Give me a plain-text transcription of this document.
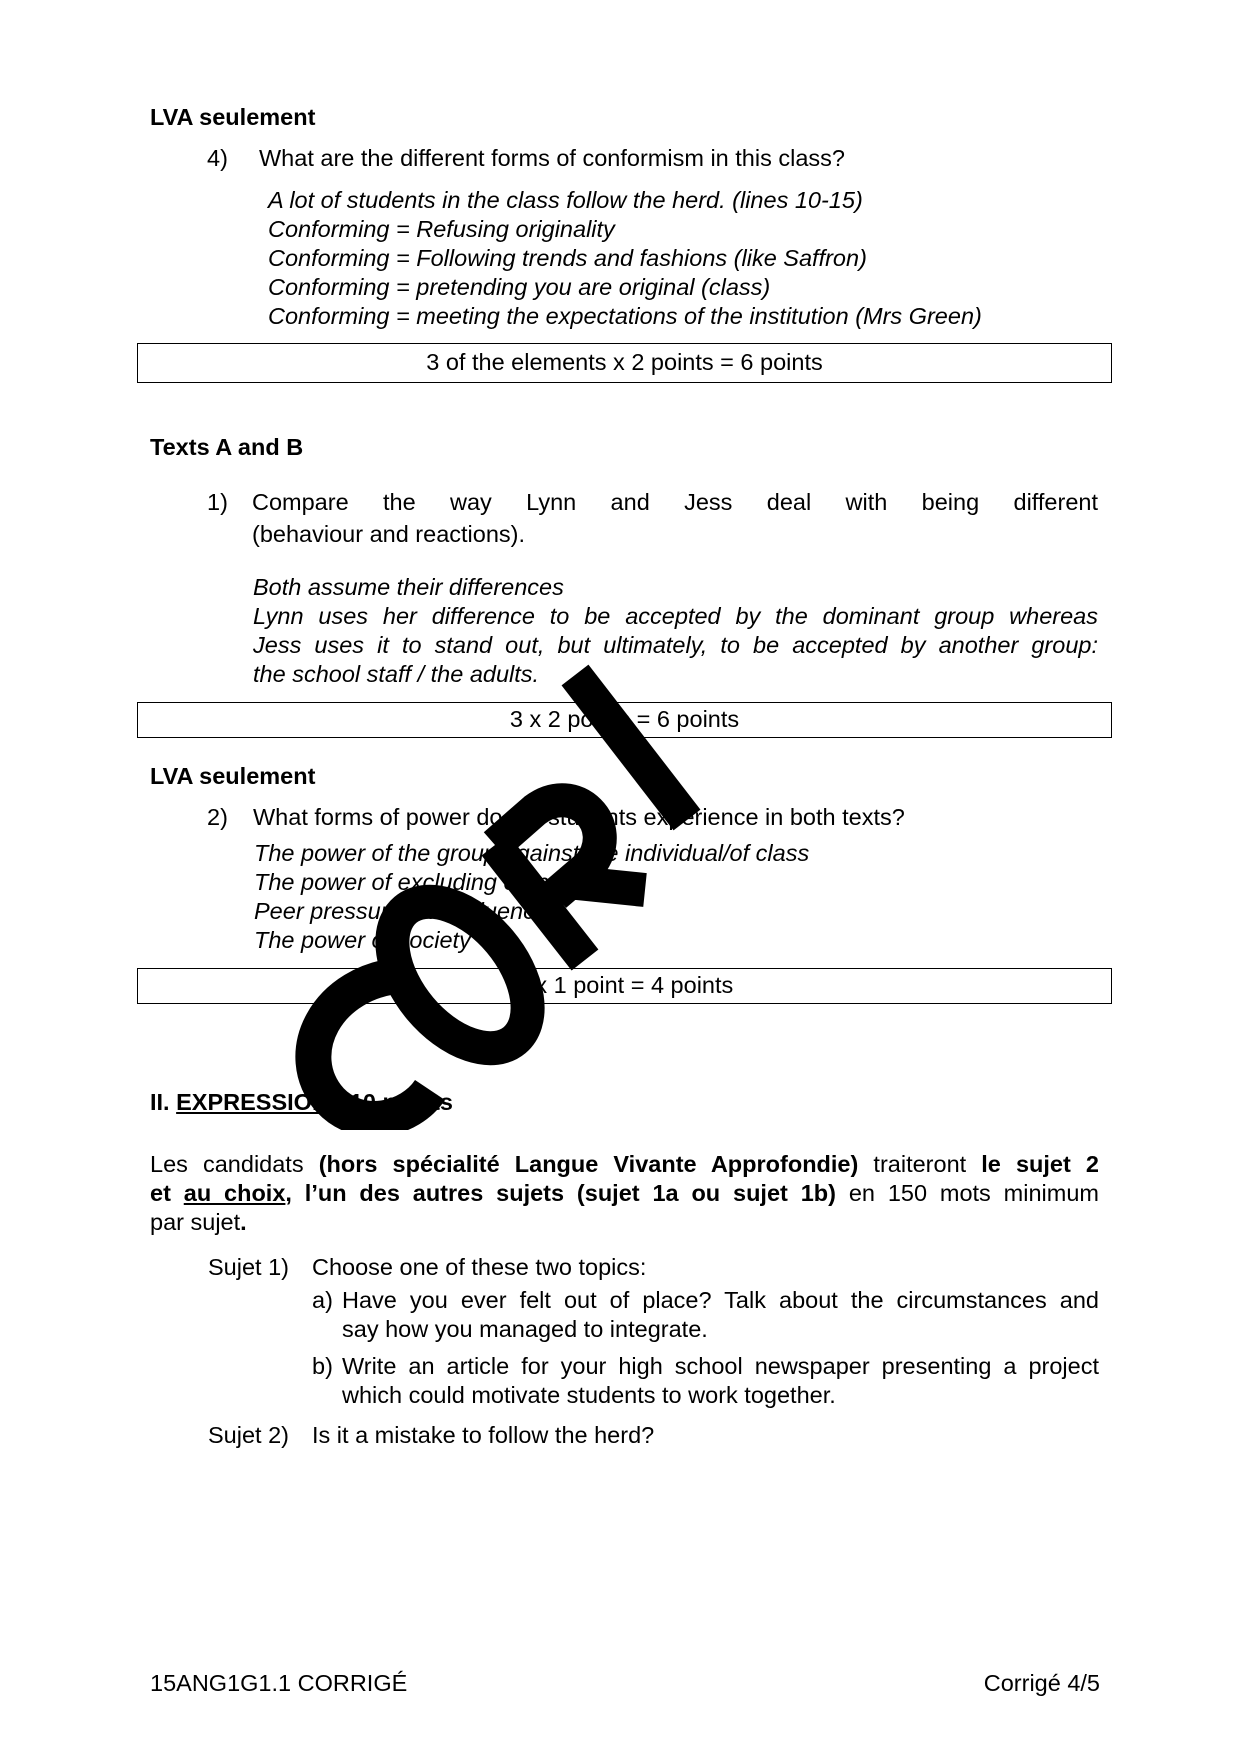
LVA seulement
4) What are the different forms of conformism in this class?
A lot of students in the class follow the herd. (lines 10-15)
Conforming = Refusing originality
Conforming = Following trends and fashions (like Saffron)
Conforming = pretending you are original (class)
Conforming = meeting the expectations of the institution (Mrs Green)
3 of the elements x 2 points = 6 points
Texts A and B
1) Compare the way Lynn and Jess deal with being different
(behaviour and reactions).
Both assume their differences
Lynn uses her difference to be accepted by the dominant group whereas
Jess uses it to stand out, but ultimately, to be accepted by another group:
the school staff / the adults.
3 x 2 points = 6 points
LVA seulement
2) What forms of power do the students experience in both texts?
The power of the group against the individual/of class
The power of excluding or including
Peer pressure and influence
The power of society
4 x 1 point = 4 points
II. EXPRESSION : 10 points
Les candidats (hors spécialité Langue Vivante Approfondie) traiteront le sujet 2
et au choix, l’un des autres sujets (sujet 1a ou sujet 1b) en 150 mots minimum
par sujet.
Sujet 1) Choose one of these two topics:
a) Have you ever felt out of place? Talk about the circumstances and
say how you managed to integrate.
b) Write an article for your high school newspaper presenting a project
which could motivate students to work together.
Sujet 2) Is it a mistake to follow the herd?
15ANG1G1.1 CORRIGÉ	Corrigé 4/5
